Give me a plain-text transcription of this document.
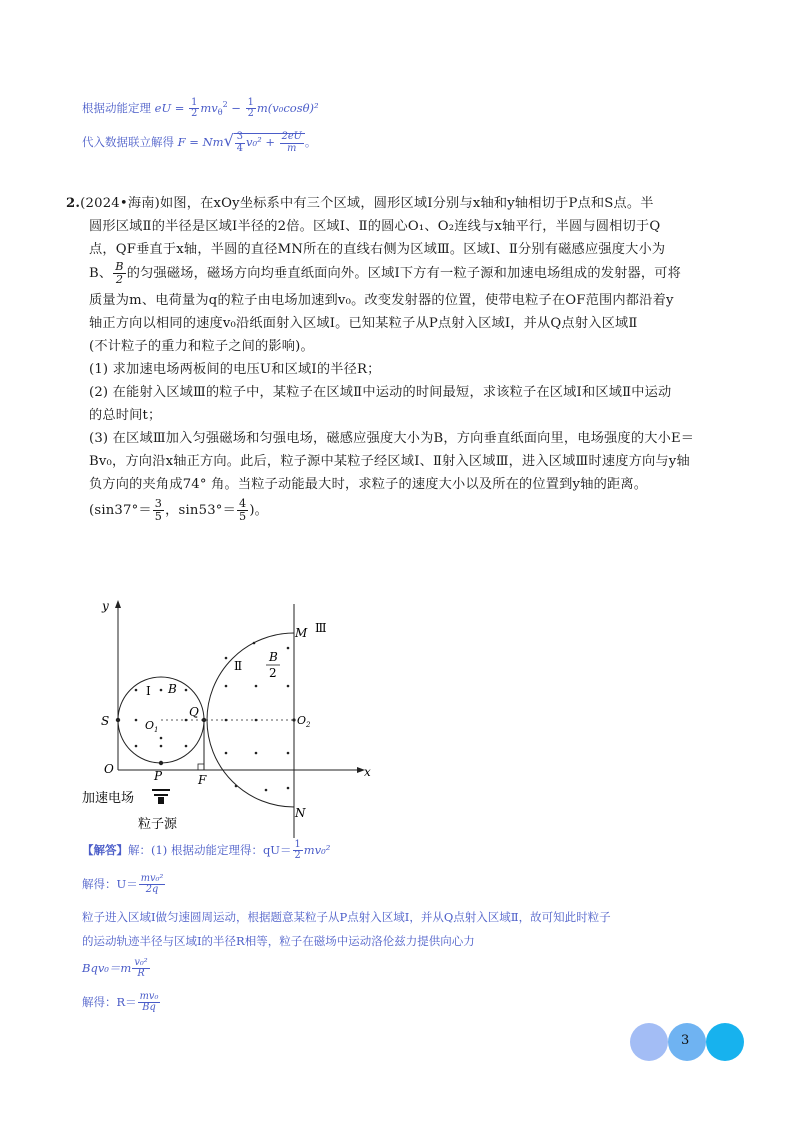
根据动能定理 eU = $\frac{1}{2} mv_\theta^2 - \frac{1}{2} m(v_0\cos\theta)^2$
代入数据联立解得 $F = Nm√ \frac{3}{4} v_0^2 + \frac{2eU}{m}$ 。

2.(2024•海南)如图，在xOy坐标系中有三个区域，圆形区域Ⅰ分别与x轴和y轴相切于P点和S点。半

圆形区域Ⅱ的半径是区域Ⅰ半径的2倍。区域Ⅰ、Ⅱ的圆心O₁、O₂连线与x轴平行，半圆与圆相切于Q

点，QF垂直于x轴，半圆的直径MN所在的直线右侧为区域Ⅲ。区域Ⅰ、Ⅱ分别有磁感应强度大小为

B、 $\frac{B}{2}$ 的匀强磁场，磁场方向均垂直纸面向外。区域Ⅰ下方有一粒子源和加速电场组成的发射器，可将

质量为m、电荷量为q的粒子由电场加速到v₀。改变发射器的位置，使带电粒子在OF范围内都沿着y

轴正方向以相同的速度v₀沿纸面射入区域Ⅰ。已知某粒子从P点射入区域Ⅰ，并从Q点射入区域Ⅱ

(不计粒子的重力和粒子之间的影响)。

(1) 求加速电场两板间的电压U和区域Ⅰ的半径R；

(2) 在能射入区域Ⅲ的粒子中，某粒子在区域Ⅱ中运动的时间最短，求该粒子在区域Ⅰ和区域Ⅱ中运动

的总时间t；

(3) 在区域Ⅲ加入匀强磁场和匀强电场，磁感应强度大小为B，方向垂直纸面向里，电场强度的大小E＝

Bv₀，方向沿x轴正方向。此后，粒子源中某粒子经区域Ⅰ、Ⅱ射入区域Ⅲ，进入区域Ⅲ时速度方向与y轴

负方向的夹角成74° 角。当粒子动能最大时，求粒子的速度大小以及所在的位置到y轴的距离。

($\sin 37^\circ= \frac{3}{5}$ ，$\sin 53^\circ= \frac{4}{5}$ )。

y
x
O
S	$O_1$
P
Q
F
Ⅰ B
Ⅱ
B
2
Ⅲ
M
N
$O_2$
加速电场
粒子源
【解答】解：(1) 根据动能定理得：$qU= \frac{1}{2} mv_0^2$
解得：$U= \frac{\text{mv₀²}}{2q}$
粒子进入区域Ⅰ做匀速圆周运动，根据题意某粒子从P点射入区域Ⅰ，并从Q点射入区域Ⅱ，故可知此时粒子
的运动轨迹半径与区域Ⅰ的半径R相等，粒子在磁场中运动洛伦兹力提供向心力
$Bqv_0=m \frac{\text{v₀²}}{R}$
解得：$R= \frac{\text{mv₀}}{Bq}$
3
